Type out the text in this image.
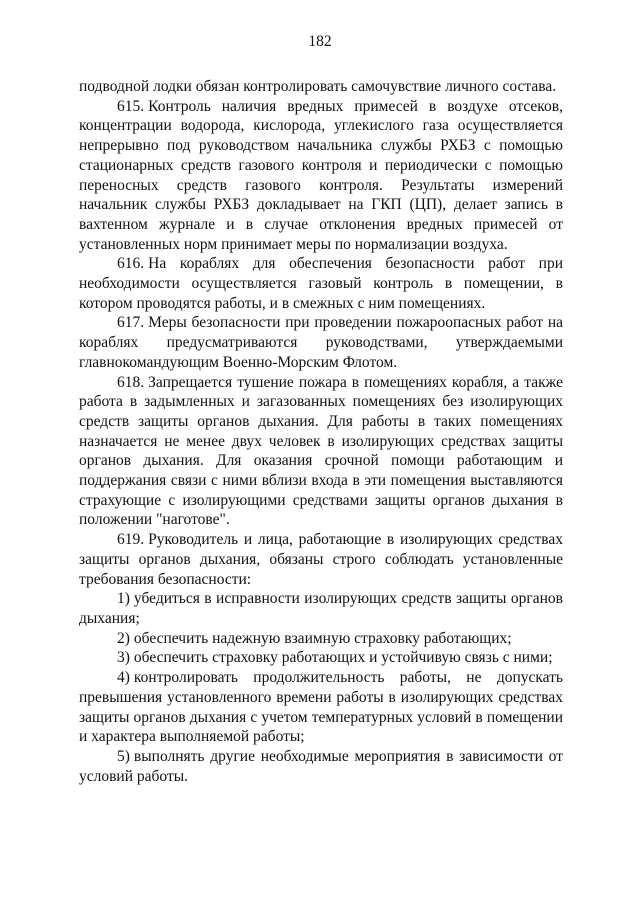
182

подводной лодки обязан контролировать самочувствие личного состава.

615. Контроль наличия вредных примесей в воздухе отсеков, концентрации водорода, кислорода, углекислого газа осуществляется непрерывно под руководством начальника службы РХБЗ с помощью стационарных средств газового контроля и периодически с помощью переносных средств газового контроля. Результаты измерений начальник службы РХБЗ докладывает на ГКП (ЦП), делает запись в вахтенном журнале и в случае отклонения вредных примесей от установленных норм принимает меры по нормализации воздуха.

616. На кораблях для обеспечения безопасности работ при необходимости осуществляется газовый контроль в помещении, в котором проводятся работы, и в смежных с ним помещениях.

617. Меры безопасности при проведении пожароопасных работ на кораблях предусматриваются руководствами, утверждаемыми главнокомандующим Военно-Морским Флотом.

618. Запрещается тушение пожара в помещениях корабля, а также работа в задымленных и загазованных помещениях без изолирующих средств защиты органов дыхания. Для работы в таких помещениях назначается не менее двух человек в изолирующих средствах защиты органов дыхания. Для оказания срочной помощи работающим и поддержания связи с ними вблизи входа в эти помещения выставляются страхующие с изолирующими средствами защиты органов дыхания в положении "наготове".

619. Руководитель и лица, работающие в изолирующих средствах защиты органов дыхания, обязаны строго соблюдать установленные требования безопасности:

1) убедиться в исправности изолирующих средств защиты органов дыхания;

2) обеспечить надежную взаимную страховку работающих;

3) обеспечить страховку работающих и устойчивую связь с ними;

4) контролировать продолжительность работы, не допускать превышения установленного времени работы в изолирующих средствах защиты органов дыхания с учетом температурных условий в помещении и характера выполняемой работы;

5) выполнять другие необходимые мероприятия в зависимости от условий работы.
